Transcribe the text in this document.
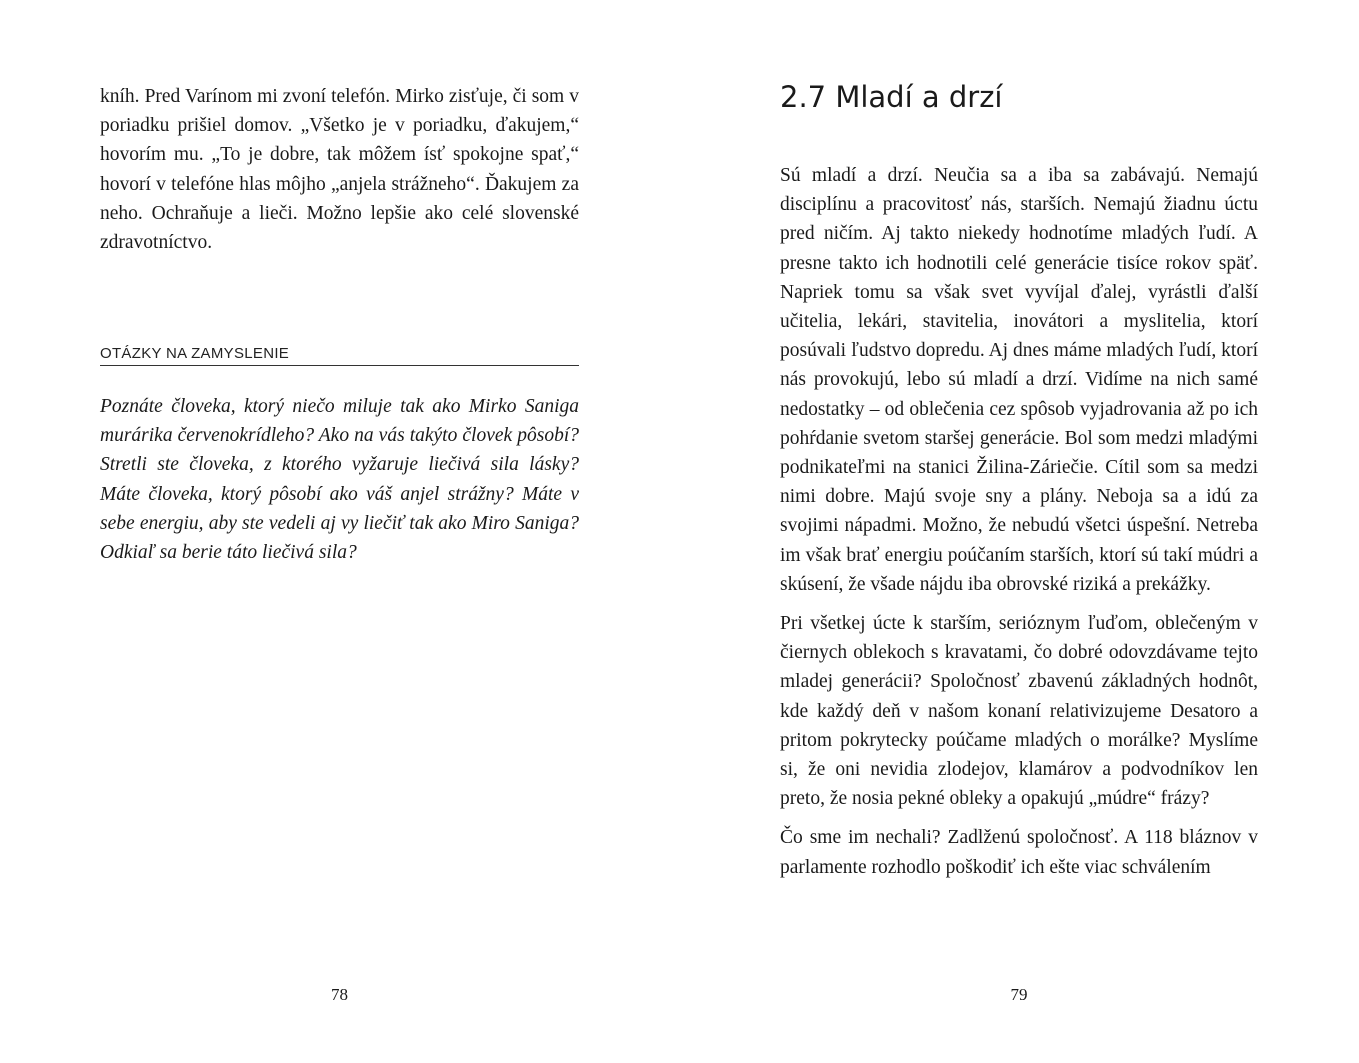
kníh. Pred Varínom mi zvoní telefón. Mirko zisťuje, či som v poriadku prišiel domov. „Všetko je v poriadku, ďakujem,“ hovorím mu. „To je dobre, tak môžem ísť spokojne spať,“ hovorí v telefóne hlas môjho „anjela strážneho“. Ďakujem za neho. Ochraňuje a lieči. Možno lepšie ako celé slovenské zdravotníctvo.

OTÁZKY NA ZAMYSLENIE

Poznáte človeka, ktorý niečo miluje tak ako Mirko Saniga murárika červenokrídleho? Ako na vás takýto človek pôsobí? Stretli ste človeka, z ktorého vyžaruje liečivá sila lásky? Máte človeka, ktorý pôsobí ako váš anjel strážny? Máte v sebe energiu, aby ste vedeli aj vy liečiť tak ako Miro Saniga? Odkiaľ sa berie táto liečivá sila?

78
2.7 Mladí a drzí

Sú mladí a drzí. Neučia sa a iba sa zabávajú. Nemajú disciplínu a pracovitosť nás, starších. Nemajú žiadnu úctu pred ničím. Aj takto niekedy hodnotíme mladých ľudí. A presne takto ich hodnotili celé generácie tisíce rokov späť. Napriek tomu sa však svet vyvíjal ďalej, vyrástli ďalší učitelia, lekári, stavitelia, inovátori a myslitelia, ktorí posúvali ľudstvo dopredu. Aj dnes máme mladých ľudí, ktorí nás provokujú, lebo sú mladí a drzí. Vidíme na nich samé nedostatky – od oblečenia cez spôsob vyjadrovania až po ich pohŕdanie svetom staršej generácie. Bol som medzi mladými podnikateľmi na stanici Žilina-Záriečie. Cítil som sa medzi nimi dobre. Majú svoje sny a plány. Neboja sa a idú za svojimi nápadmi. Možno, že nebudú všetci úspešní. Netreba im však brať energiu poúčaním starších, ktorí sú takí múdri a skúsení, že všade nájdu iba obrovské riziká a prekážky.

Pri všetkej úcte k starším, serióznym ľuďom, oblečeným v čiernych oblekoch s kravatami, čo dobré odovzdávame tejto mladej generácii? Spoločnosť zbavenú základných hodnôt, kde každý deň v našom konaní relativizujeme Desatoro a pritom pokrytecky poúčame mladých o morálke? Myslíme si, že oni nevidia zlodejov, klamárov a podvodníkov len preto, že nosia pekné obleky a opakujú „múdre“ frázy?

Čo sme im nechali? Zadlženú spoločnosť. A 118 bláznov v parlamente rozhodlo poškodiť ich ešte viac schválením

79
